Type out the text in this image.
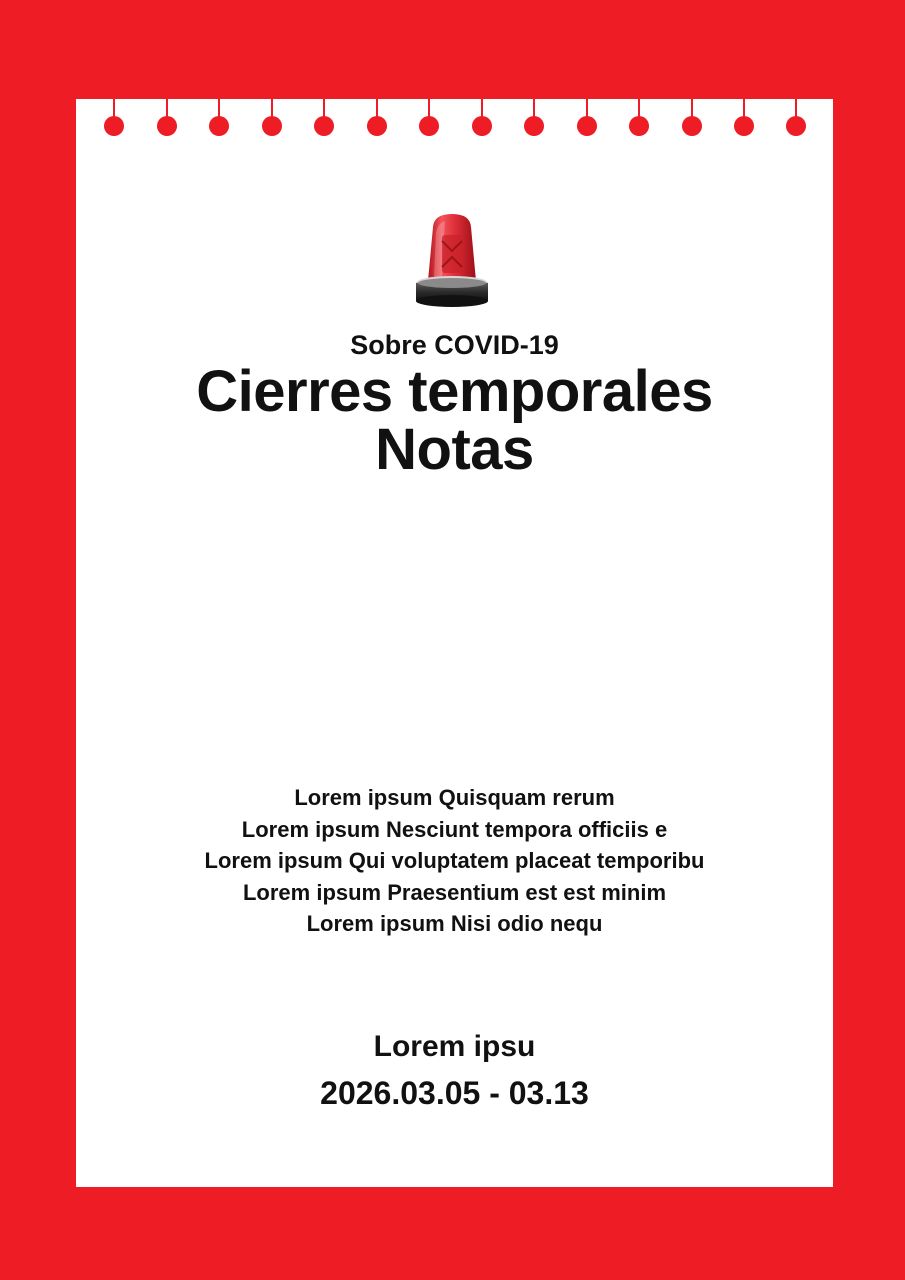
Sobre COVID-19
Cierres temporales
Notas
Lorem ipsum Quisquam rerum
Lorem ipsum Nesciunt tempora officiis e
Lorem ipsum Qui voluptatem placeat temporibu
Lorem ipsum Praesentium est est minim
Lorem ipsum Nisi odio nequ
Lorem ipsu
2026.03.05 - 03.13
